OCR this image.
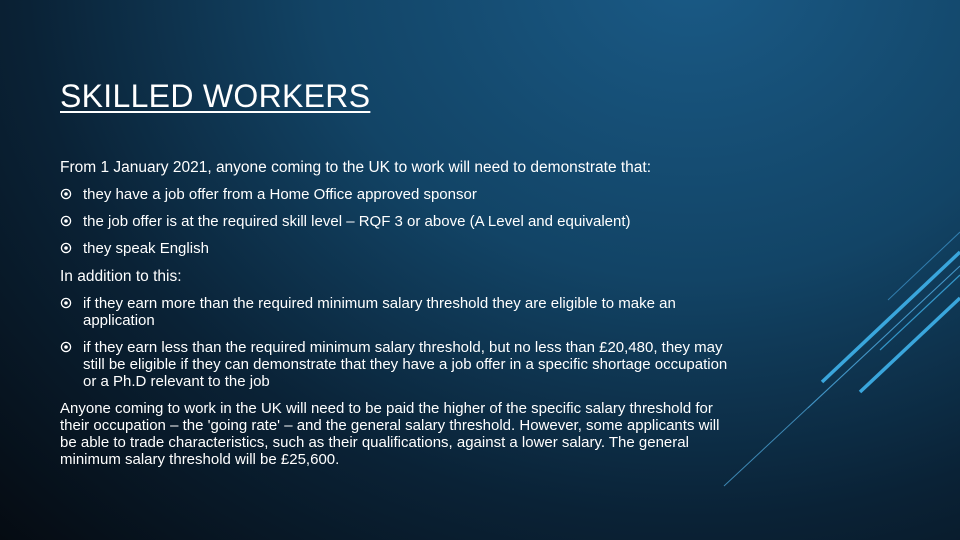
SKILLED WORKERS

From 1 January 2021, anyone coming to the UK to work will need to demonstrate that:

they have a job offer from a Home Office approved sponsor
the job offer is at the required skill level – RQF 3 or above (A Level and equivalent)
they speak English

In addition to this:

if they earn more than the required minimum salary threshold they are eligible to make an application
if they earn less than the required minimum salary threshold, but no less than £20,480, they may still be eligible if they can demonstrate that they have a job offer in a specific shortage occupation or a Ph.D relevant to the job

Anyone coming to work in the UK will need to be paid the higher of the specific salary threshold for their occupation – the 'going rate' – and the general salary threshold. However, some applicants will be able to trade characteristics, such as their qualifications, against a lower salary. The general minimum salary threshold will be £25,600.
